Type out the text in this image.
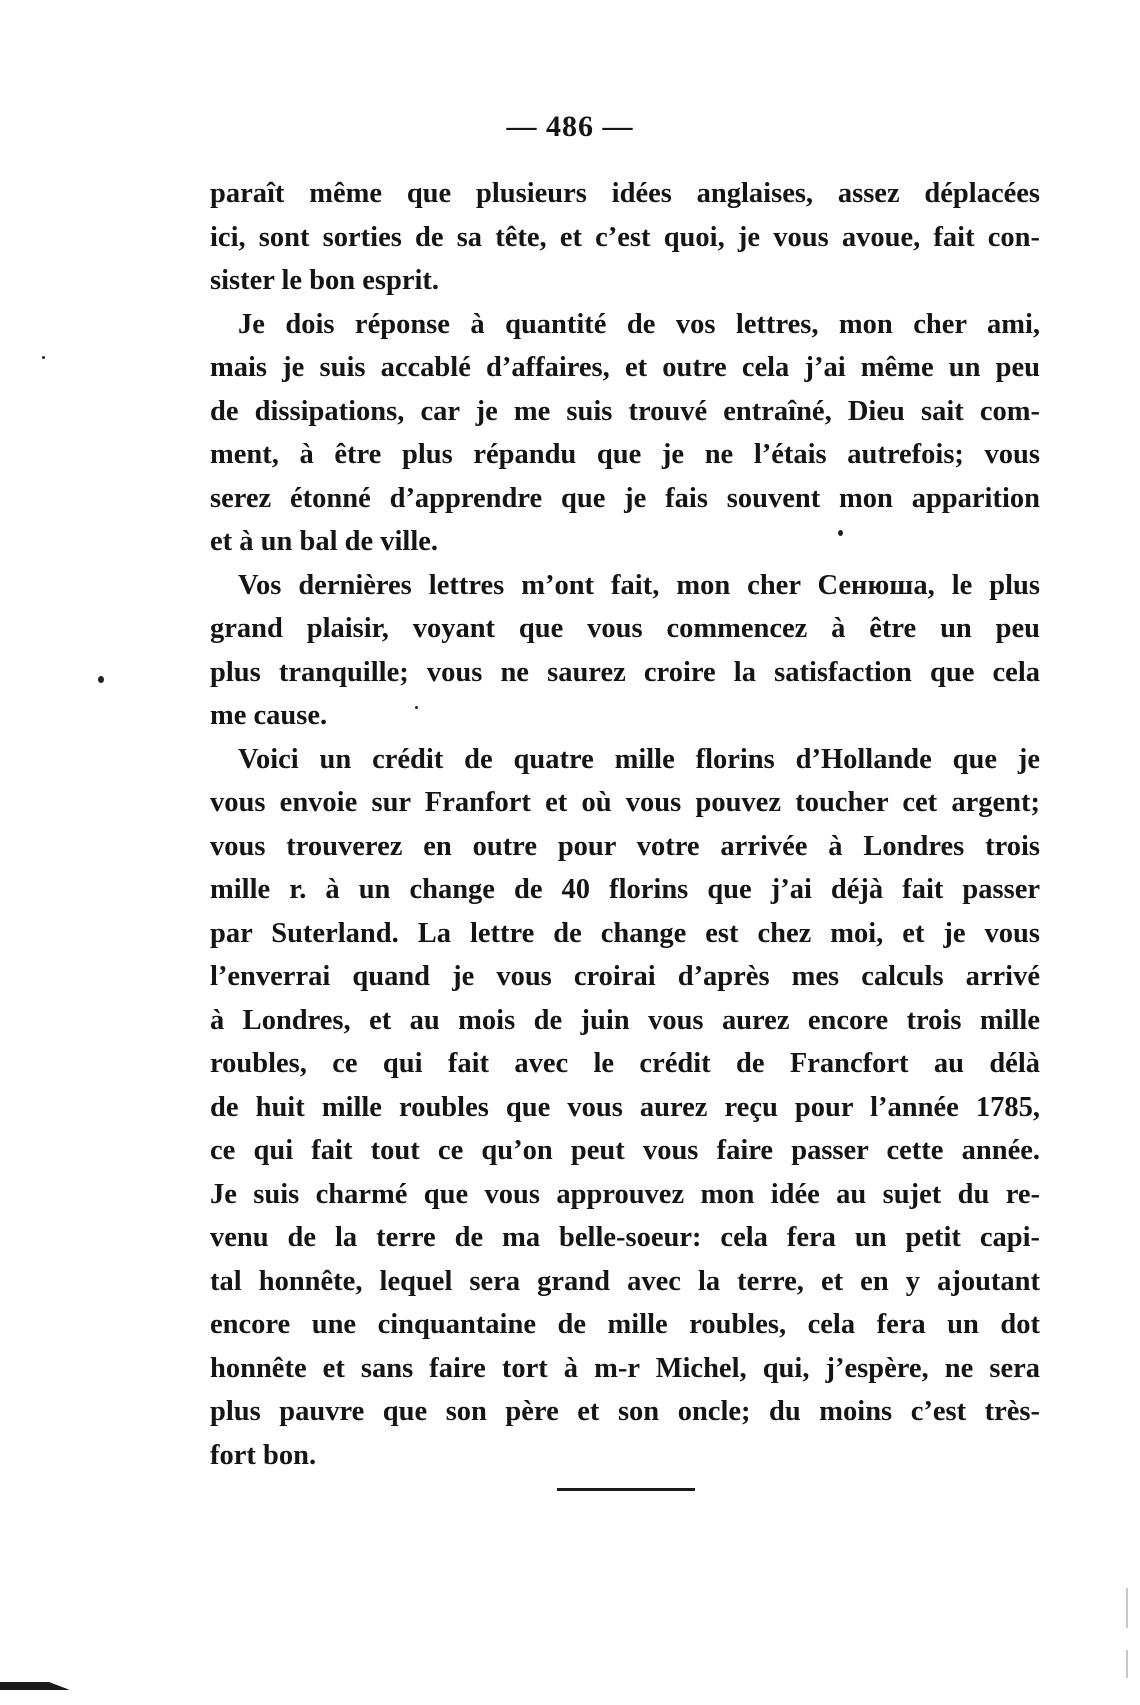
— 486 —
paraît même que plusieurs idées anglaises, assez déplacées
ici, sont sorties de sa tête, et c’est quoi, je vous avoue, fait con-
sister le bon esprit.
Je dois réponse à quantité de vos lettres, mon cher ami,
mais je suis accablé d’affaires, et outre cela j’ai même un peu
de dissipations, car je me suis trouvé entraîné, Dieu sait com-
ment, à être plus répandu que je ne l’étais autrefois; vous
serez étonné d’apprendre que je fais souvent mon apparition
et à un bal de ville.
Vos dernières lettres m’ont fait, mon cher Сенюша, le plus
grand plaisir, voyant que vous commencez à être un peu
plus tranquille; vous ne saurez croire la satisfaction que cela
me cause.
Voici un crédit de quatre mille florins d’Hollande que je
vous envoie sur Franfort et où vous pouvez toucher cet argent;
vous trouverez en outre pour votre arrivée à Londres trois
mille r. à un change de 40 florins que j’ai déjà fait passer
par Suterland. La lettre de change est chez moi, et je vous
l’enverrai quand je vous croirai d’après mes calculs arrivé
à Londres, et au mois de juin vous aurez encore trois mille
roubles, ce qui fait avec le crédit de Francfort au délà
de huit mille roubles que vous aurez reçu pour l’année 1785,
ce qui fait tout ce qu’on peut vous faire passer cette année.
Je suis charmé que vous approuvez mon idée au sujet du re-
venu de la terre de ma belle-soeur: cela fera un petit capi-
tal honnête, lequel sera grand avec la terre, et en y ajoutant
encore une cinquantaine de mille roubles, cela fera un dot
honnête et sans faire tort à m-r Michel, qui, j’espère, ne sera
plus pauvre que son père et son oncle; du moins c’est très-
fort bon.
